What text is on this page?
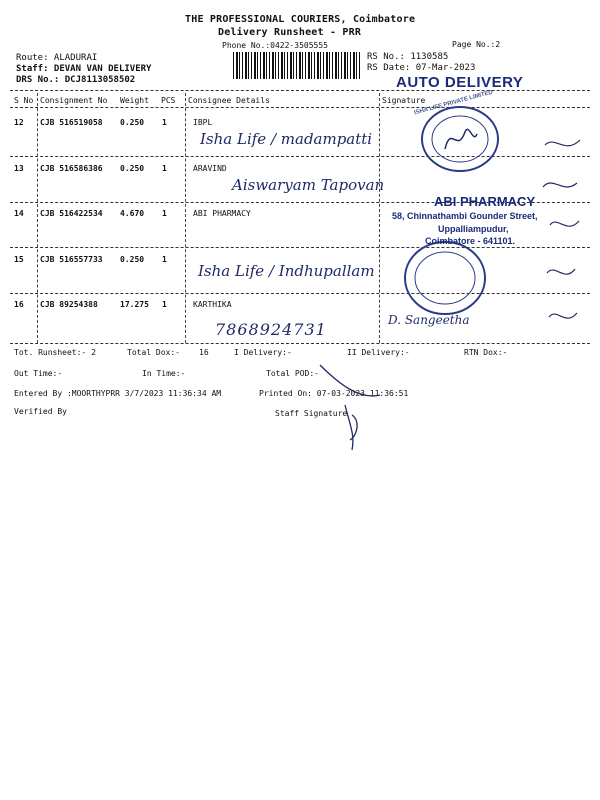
THE PROFESSIONAL COURIERS, Coimbatore
Delivery Runsheet - PRR
Phone No.:0422-3505555	Page No.:2
Route: ALADURAI
Staff: DEVAN VAN DELIVERY
DRS No.: DCJ8113058502
RS No.: 1130585
RS Date: 07-Mar-2023
AUTO DELIVERY
S No Consignment No Weight PCS Consignee Details	Signature
12 CJB 516519058 0.250 1	IBPL
Isha Life / madampatti
13 CJB 516586386 0.250 1	ARAVIND
Aiswaryam Tapovan
14 CJB 516422534 4.670 1	ABI PHARMACY
15 CJB 516557733 0.250 1
Isha Life / Indhupallam
16 CJB 89254388	17.275 1	KARTHIKA
7868924731
ISHA LIFE PRIVATE LIMITED
ABI PHARMACY
58, Chinnathambi Gounder Street,
Uppalliampudur,
Coimbatore - 641101.
D. Sangeetha
Tot. Runsheet:- 2	Total Dox:- 16	I Delivery:-	II Delivery:-	RTN Dox:-
Out Time:-	In Time:-	Total POD:-
Entered By :MOORTHYPRR 3/7/2023 11:36:34 AM	Printed On: 07-03-2023 11:36:51
Verified By	Staff Signature
